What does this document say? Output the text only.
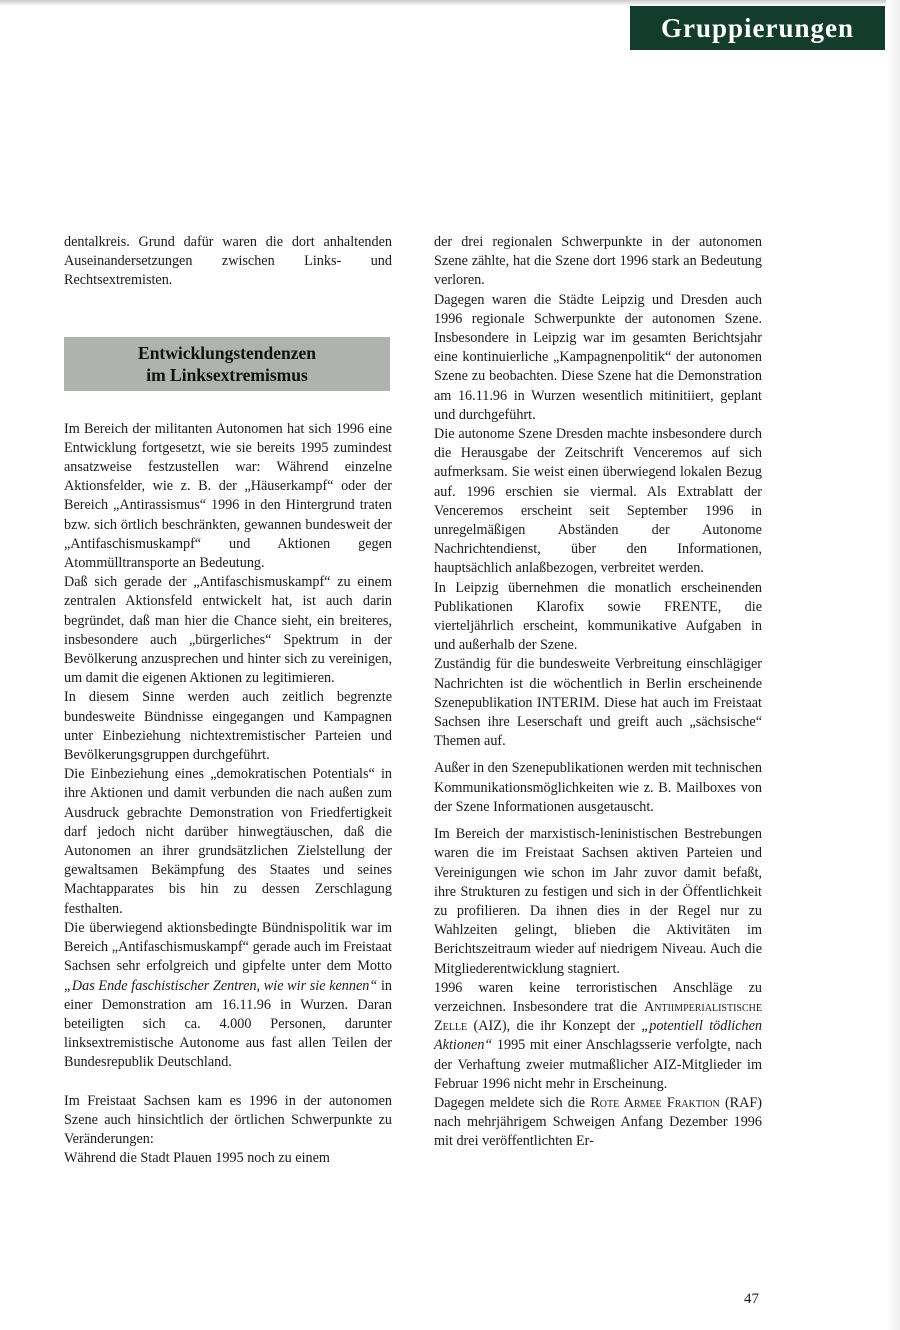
Gruppierungen

dentalkreis. Grund dafür waren die dort anhaltenden Auseinandersetzungen zwischen Links- und Rechtsextremisten.

Entwicklungstendenzen
im Linksextremismus

Im Bereich der militanten Autonomen hat sich 1996 eine Entwicklung fortgesetzt, wie sie bereits 1995 zumindest ansatzweise festzustellen war: Während einzelne Aktionsfelder, wie z. B. der „Häuserkampf“ oder der Bereich „Antirassismus“ 1996 in den Hintergrund traten bzw. sich örtlich beschränkten, gewannen bundesweit der „Antifaschismuskampf“ und Aktionen gegen Atommülltransporte an Bedeutung.

Daß sich gerade der „Antifaschismuskampf“ zu einem zentralen Aktionsfeld entwickelt hat, ist auch darin begründet, daß man hier die Chance sieht, ein breiteres, insbesondere auch „bürgerliches“ Spektrum in der Bevölkerung anzusprechen und hinter sich zu vereinigen, um damit die eigenen Aktionen zu legitimieren.

In diesem Sinne werden auch zeitlich begrenzte bundesweite Bündnisse eingegangen und Kampagnen unter Einbeziehung nichtextremistischer Parteien und Bevölkerungsgruppen durchgeführt.

Die Einbeziehung eines „demokratischen Potentials“ in ihre Aktionen und damit verbunden die nach außen zum Ausdruck gebrachte Demonstration von Friedfertigkeit darf jedoch nicht darüber hinwegtäuschen, daß die Autonomen an ihrer grundsätzlichen Zielstellung der gewaltsamen Bekämpfung des Staates und seines Machtapparates bis hin zu dessen Zerschlagung festhalten.

Die überwiegend aktionsbedingte Bündnispolitik war im Bereich „Antifaschismuskampf“ gerade auch im Freistaat Sachsen sehr erfolgreich und gipfelte unter dem Motto „Das Ende faschistischer Zentren, wie wir sie kennen“ in einer Demonstration am 16.11.96 in Wurzen. Daran beteiligten sich ca. 4.000 Personen, darunter linksextremistische Autonome aus fast allen Teilen der Bundesrepublik Deutschland.

Im Freistaat Sachsen kam es 1996 in der autonomen Szene auch hinsichtlich der örtlichen Schwerpunkte zu Veränderungen:

Während die Stadt Plauen 1995 noch zu einem

der drei regionalen Schwerpunkte in der autonomen Szene zählte, hat die Szene dort 1996 stark an Bedeutung verloren.

Dagegen waren die Städte Leipzig und Dresden auch 1996 regionale Schwerpunkte der autonomen Szene. Insbesondere in Leipzig war im gesamten Berichtsjahr eine kontinuierliche „Kampagnenpolitik“ der autonomen Szene zu beobachten. Diese Szene hat die Demonstration am 16.11.96 in Wurzen wesentlich mitinitiiert, geplant und durchgeführt.

Die autonome Szene Dresden machte insbesondere durch die Herausgabe der Zeitschrift Venceremos auf sich aufmerksam. Sie weist einen überwiegend lokalen Bezug auf. 1996 erschien sie viermal. Als Extrablatt der Venceremos erscheint seit September 1996 in unregelmäßigen Abständen der Autonome Nachrichtendienst, über den Informationen, hauptsächlich anlaßbezogen, verbreitet werden.

In Leipzig übernehmen die monatlich erscheinenden Publikationen Klarofix sowie FRENTE, die vierteljährlich erscheint, kommunikative Aufgaben in und außerhalb der Szene.

Zuständig für die bundesweite Verbreitung einschlägiger Nachrichten ist die wöchentlich in Berlin erscheinende Szenepublikation INTERIM. Diese hat auch im Freistaat Sachsen ihre Leserschaft und greift auch „sächsische“ Themen auf.

Außer in den Szenepublikationen werden mit technischen Kommunikationsmöglichkeiten wie z. B. Mailboxes von der Szene Informationen ausgetauscht.

Im Bereich der marxistisch-leninistischen Bestrebungen waren die im Freistaat Sachsen aktiven Parteien und Vereinigungen wie schon im Jahr zuvor damit befaßt, ihre Strukturen zu festigen und sich in der Öffentlichkeit zu profilieren. Da ihnen dies in der Regel nur zu Wahlzeiten gelingt, blieben die Aktivitäten im Berichtszeitraum wieder auf niedrigem Niveau. Auch die Mitgliederentwicklung stagniert.

1996 waren keine terroristischen Anschläge zu verzeichnen. Insbesondere trat die Antiimperialistische Zelle (AIZ), die ihr Konzept der „potentiell tödlichen Aktionen“ 1995 mit einer Anschlagsserie verfolgte, nach der Verhaftung zweier mutmaßlicher AIZ-Mitglieder im Februar 1996 nicht mehr in Erscheinung.

Dagegen meldete sich die Rote Armee Fraktion (RAF) nach mehrjährigem Schweigen Anfang Dezember 1996 mit drei veröffentlichten Er-

47
